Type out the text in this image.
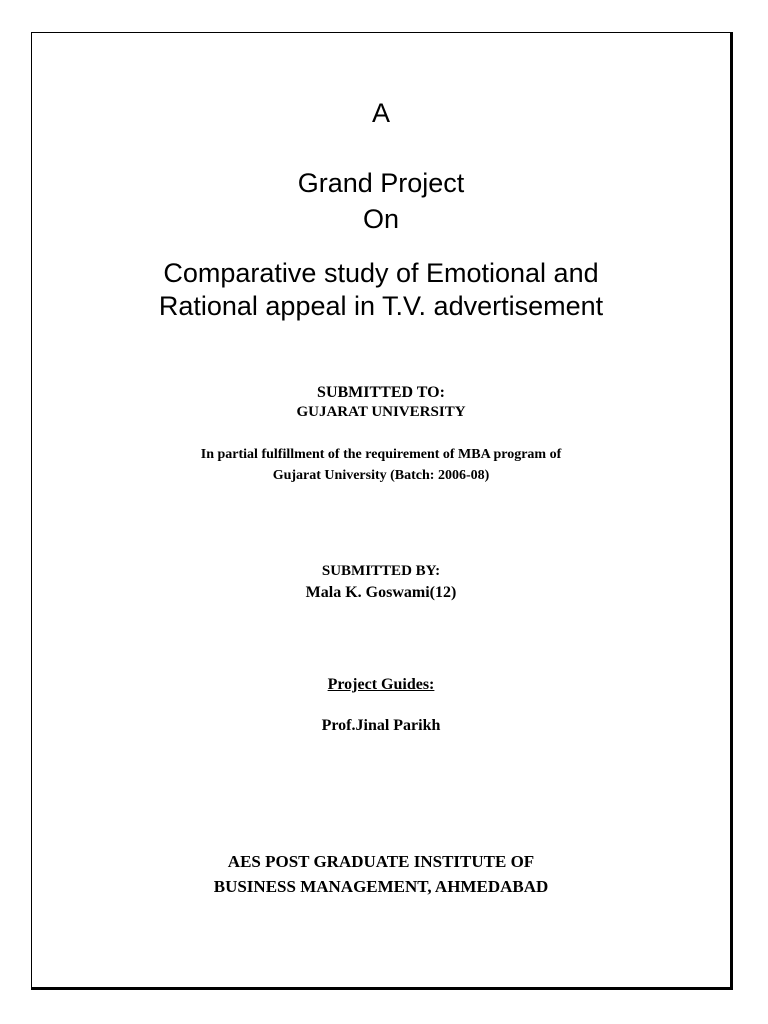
A
Grand Project
On
Comparative study of Emotional and
Rational appeal in T.V. advertisement
SUBMITTED TO:
GUJARAT UNIVERSITY
In partial fulfillment of the requirement of MBA program of
Gujarat University (Batch: 2006-08)
SUBMITTED BY:
Mala K. Goswami(12)
Project Guides:
Prof.Jinal Parikh
AES POST GRADUATE INSTITUTE OF
BUSINESS MANAGEMENT, AHMEDABAD
